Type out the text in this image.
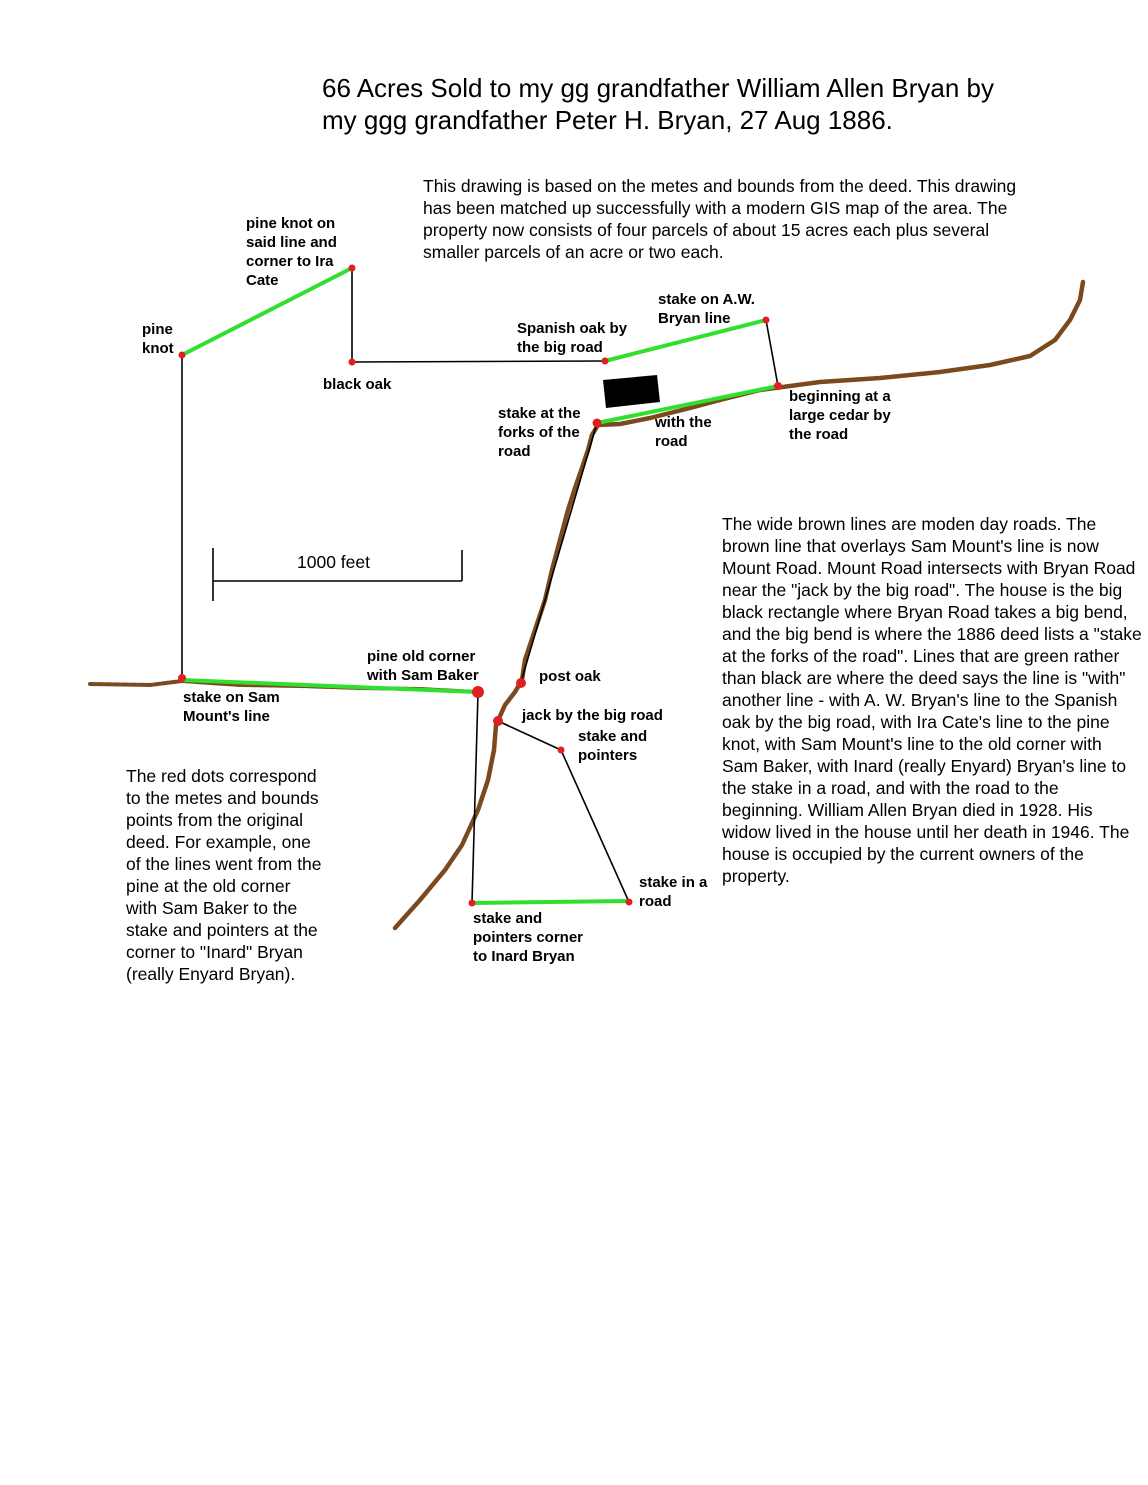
66 Acres Sold to my gg grandfather William Allen Bryan by my ggg grandfather Peter H. Bryan, 27 Aug 1886.

This drawing is based on the metes and bounds from the deed. This drawing has been matched up successfully with a modern GIS map of the area. The property now consists of four parcels of about 15 acres each plus several smaller parcels of an acre or two each.

The wide brown lines are moden day roads. The brown line that overlays Sam Mount's line is now Mount Road. Mount Road intersects with Bryan Road near the "jack by the big road". The house is the big black rectangle where Bryan Road takes a big bend, and the big bend is where the 1886 deed lists a "stake at the forks of the road". Lines that are green rather than black are where the deed says the line is "with" another line - with A. W. Bryan's line to the Spanish oak by the big road, with Ira Cate's line to the pine knot, with Sam Mount's line to the old corner with Sam Baker, with Inard (really Enyard) Bryan's line to the stake in a road, and with the road to the beginning. William Allen Bryan died in 1928. His widow lived in the house until her death in 1946. The house is occupied by the current owners of the property.

The red dots correspond to the metes and bounds points from the original deed. For example, one of the lines went from the pine at the old corner with Sam Baker to the stake and pointers at the corner to "Inard" Bryan (really Enyard Bryan).

1000 feet
pine knot on
said line and
corner to Ira
Cate
pine
knot
black oak
Spanish oak by
the big road
stake on A.W.
Bryan line
stake at the
forks of the
road
with the
road
beginning at a
large cedar by
the road
stake on Sam
Mount's line
pine old corner
with Sam Baker	post oak
jack by the big road
stake and
pointers
stake in a
road
stake and
pointers corner
to Inard Bryan
